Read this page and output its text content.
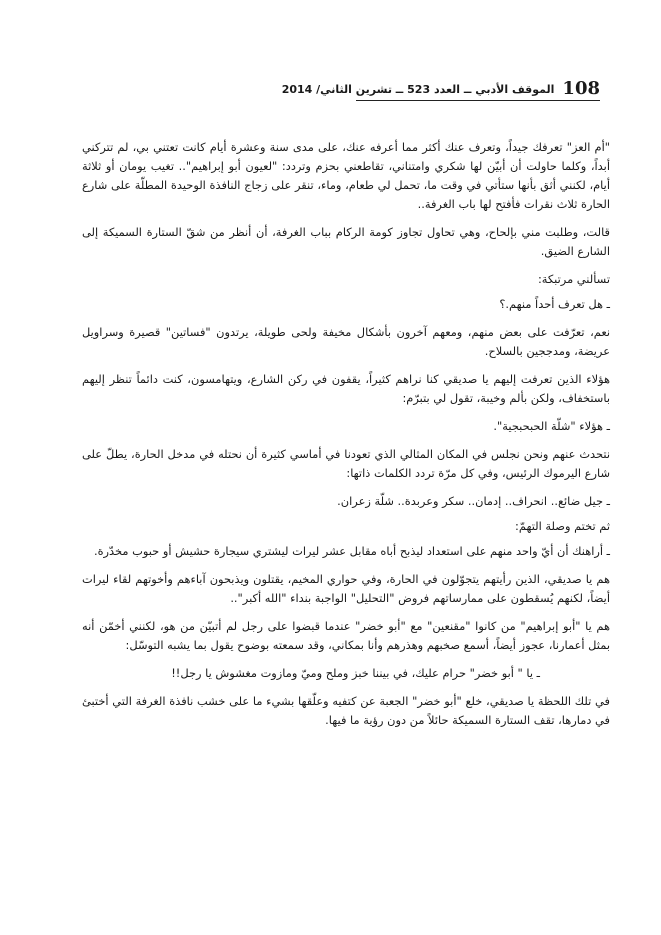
108
الموقف الأدبي ــ العدد 523 ــ تشرين الثاني/ 2014

"أم العز" تعرفك جيداً، وتعرف عنك أكثر مما أعرفه عنك، على مدى سنة وعشرة أيام كانت تعتني بي، لم تتركني أبداً، وكلما حاولت أن أبيّن لها شكري وامتناني، تقاطعني بحزم وتردد: "لعيون أبو إبراهيم".. تغيب يومان أو ثلاثة أيام، لكنني أثق بأنها ستأتي في وقت ما، تحمل لي طعام، وماء، تنقر على زجاج النافذة الوحيدة المطلّة على شارع الحارة ثلاث نقرات فأفتح لها باب الغرفة..

قالت، وطلبت مني بإلحاح، وهي تحاول تجاوز كومة الركام بباب الغرفة، أن أنظر من شقّ الستارة السميكة إلى الشارع الضيق.

تسألني مرتبكة:

ـ هل تعرف أحداً منهم.؟

نعم، تعرّفت على بعض منهم، ومعهم آخرون بأشكال مخيفة ولحى طويلة، يرتدون "فساتين" قصيرة وسراويل عريضة، ومدججين بالسلاح.

هؤلاء الذين تعرفت إليهم يا صديقي كنا نراهم كثيراً، يقفون في ركن الشارع، ويتهامسون، كنت دائماً تنظر إليهم باستخفاف، ولكن بألم وخيبة، تقول لي بتبرّم:

ـ هؤلاء "شلّة الحبحبجية".

نتحدث عنهم ونحن نجلس في المكان المثالي الذي تعودنا في أماسي كثيرة أن نحتله في مدخل الحارة، يطلّ على شارع اليرموك الرئيس، وفي كل مرّة تردد الكلمات ذاتها:

ـ جيل ضائع.. انحراف.. إدمان.. سكر وعربدة.. شلّة زعران.

ثم تختم وصلة التهمّ:

ـ أراهنك أن أيّ واحد منهم على استعداد ليذبح أباه مقابل عشر ليرات ليشتري سيجارة حشيش أو حبوب مخدّرة.

هم يا صديقي، الذين رأيتهم يتجوّلون في الحارة، وفي حواري المخيم، يقتلون ويذبحون آباءهم وأخوتهم لقاء ليرات أيضاً، لكنهم يُسقطون على ممارساتهم فروض "التحليل" الواجبة بنداء "الله أكبر"..

هم يا "أبو إبراهيم" من كانوا "مقنعين" مع "أبو خضر" عندما قبضوا على رجل لم أتبيّن من هو، لكنني أخمّن أنه بمثل أعمارنا، عجوز أيضاً، أسمع صخبهم وهذرهم وأنا بمكاني، وقد سمعته بوضوح يقول بما يشبه التوسّل:

ـ يا " أبو خضر" حرام عليك، في بيننا خبز وملح وميّ ومازوت مغشوش يا رجل!!

في تلك اللحظة يا صديقي، خلع "أبو خضر" الجعبة عن كتفيه وعلّقها بشيء ما على خشب نافذة الغرفة التي أختبئ في دمارها، تقف الستارة السميكة حائلاً من دون رؤية ما فيها.
